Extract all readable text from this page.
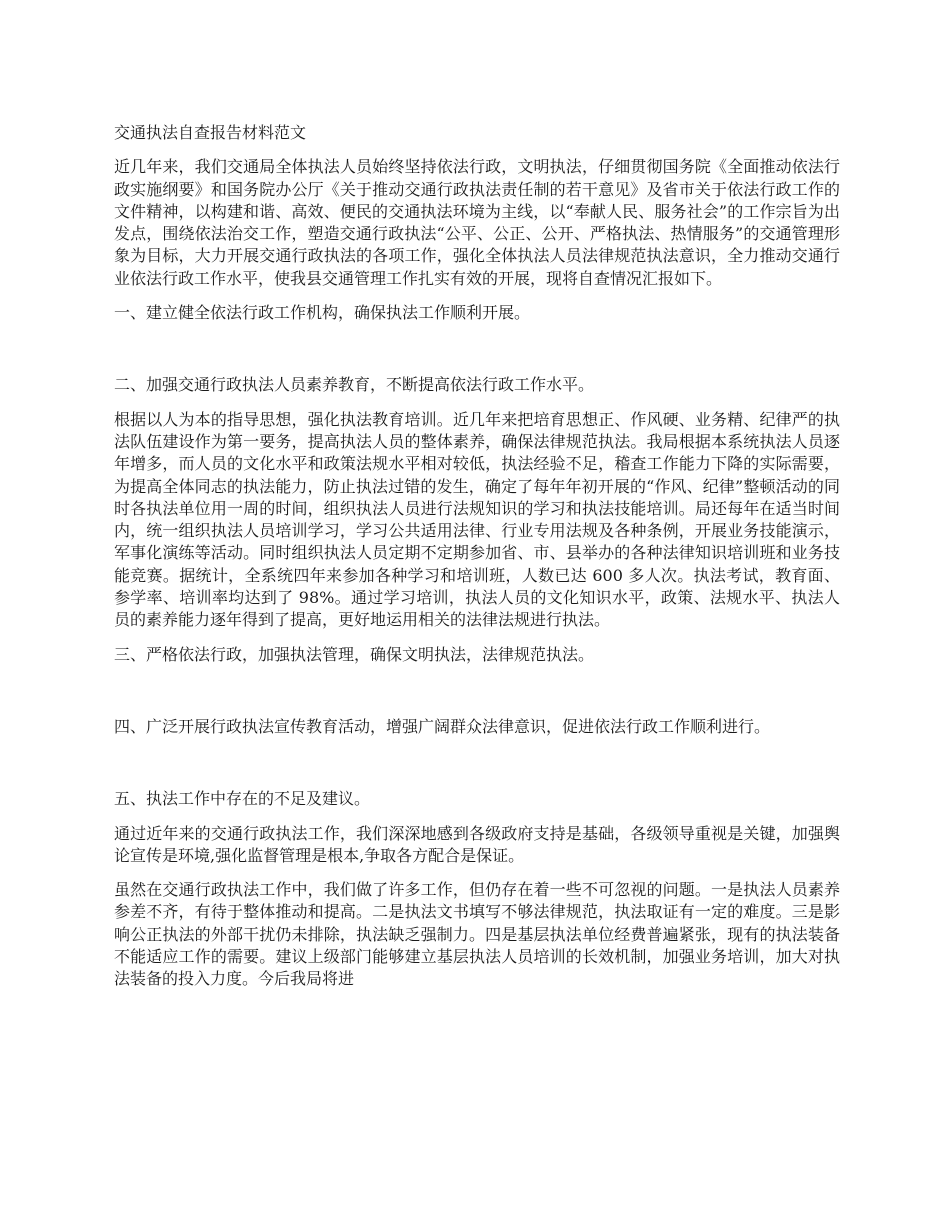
交通执法自查报告材料范文

近几年来，我们交通局全体执法人员始终坚持依法行政，文明执法，仔细贯彻国务院《全面推动依法行政实施纲要》和国务院办公厅《关于推动交通行政执法责任制的若干意见》及省市关于依法行政工作的文件精神，以构建和谐、高效、便民的交通执法环境为主线，以“奉献人民、服务社会”的工作宗旨为出发点，围绕依法治交工作，塑造交通行政执法“公平、公正、公开、严格执法、热情服务”的交通管理形象为目标，大力开展交通行政执法的各项工作，强化全体执法人员法律规范执法意识，全力推动交通行业依法行政工作水平，使我县交通管理工作扎实有效的开展，现将自查情况汇报如下。

一、建立健全依法行政工作机构，确保执法工作顺利开展。

二、加强交通行政执法人员素养教育，不断提高依法行政工作水平。

根据以人为本的指导思想，强化执法教育培训。近几年来把培育思想正、作风硬、业务精、纪律严的执法队伍建设作为第一要务，提高执法人员的整体素养，确保法律规范执法。我局根据本系统执法人员逐年增多，而人员的文化水平和政策法规水平相对较低，执法经验不足，稽查工作能力下降的实际需要，为提高全体同志的执法能力，防止执法过错的发生，确定了每年年初开展的“作风、纪律”整顿活动的同时各执法单位用一周的时间，组织执法人员进行法规知识的学习和执法技能培训。局还每年在适当时间内，统一组织执法人员培训学习，学习公共适用法律、行业专用法规及各种条例，开展业务技能演示，军事化演练等活动。同时组织执法人员定期不定期参加省、市、县举办的各种法律知识培训班和业务技能竞赛。据统计，全系统四年来参加各种学习和培训班，人数已达 600 多人次。执法考试，教育面、参学率、培训率均达到了 98%。通过学习培训，执法人员的文化知识水平，政策、法规水平、执法人员的素养能力逐年得到了提高，更好地运用相关的法律法规进行执法。

三、严格依法行政，加强执法管理，确保文明执法，法律规范执法。

四、广泛开展行政执法宣传教育活动，增强广阔群众法律意识，促进依法行政工作顺利进行。

五、执法工作中存在的不足及建议。

通过近年来的交通行政执法工作，我们深深地感到各级政府支持是基础，各级领导重视是关键，加强舆论宣传是环境,强化监督管理是根本,争取各方配合是保证。

虽然在交通行政执法工作中，我们做了许多工作，但仍存在着一些不可忽视的问题。一是执法人员素养参差不齐，有待于整体推动和提高。二是执法文书填写不够法律规范，执法取证有一定的难度。三是影响公正执法的外部干扰仍未排除，执法缺乏强制力。四是基层执法单位经费普遍紧张，现有的执法装备不能适应工作的需要。建议上级部门能够建立基层执法人员培训的长效机制，加强业务培训，加大对执法装备的投入力度。今后我局将进
